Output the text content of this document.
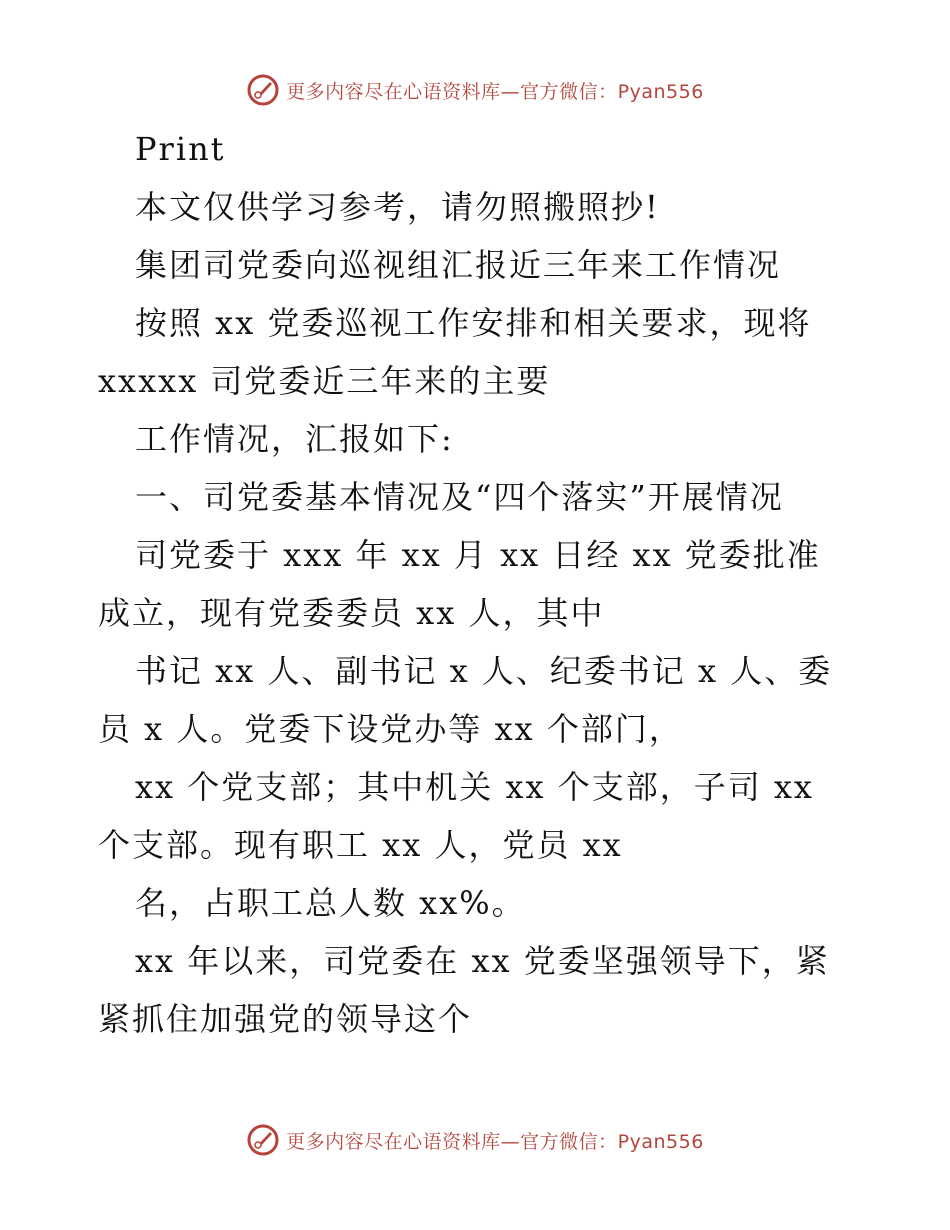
更多内容尽在心语资料库—官方微信：Pyan556
Print
本文仅供学习参考，请勿照搬照抄!
集团司党委向巡视组汇报近三年来工作情况
按照 xx 党委巡视工作安排和相关要求，现将
xxxxx 司党委近三年来的主要
工作情况，汇报如下:
一、司党委基本情况及“四个落实”开展情况
司党委于 xxx 年 xx 月 xx 日经 xx 党委批准
成立，现有党委委员 xx 人，其中
书记 xx 人、副书记 x 人、纪委书记 x 人、委
员 x 人。党委下设党办等 xx 个部门，
xx 个党支部；其中机关 xx 个支部，子司 xx
个支部。现有职工 xx 人，党员 xx
名，占职工总人数 xx%。
xx 年以来，司党委在 xx 党委坚强领导下，紧
紧抓住加强党的领导这个
更多内容尽在心语资料库—官方微信：Pyan556
